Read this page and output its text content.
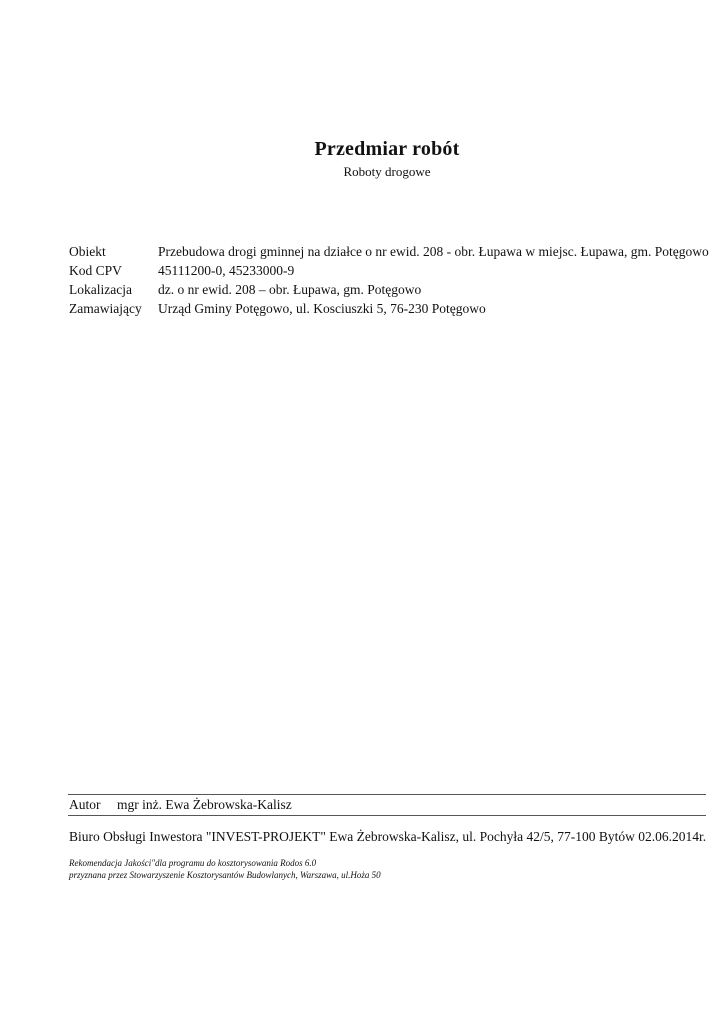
Przedmiar robót
Roboty drogowe
Obiekt	Przebudowa drogi gminnej na działce o nr ewid. 208 - obr. Łupawa w miejsc. Łupawa, gm. Potęgowo
Kod CPV	45111200-0, 45233000-9
Lokalizacja	dz. o nr ewid. 208 – obr. Łupawa, gm. Potęgowo
Zamawiający	Urząd Gminy Potęgowo, ul. Kosciuszki 5, 76-230 Potęgowo
Autor	mgr inż. Ewa Żebrowska-Kalisz
Biuro Obsługi Inwestora "INVEST-PROJEKT" Ewa Żebrowska-Kalisz, ul. Pochyła 42/5, 77-100 Bytów 02.06.2014r.
Rekomendacja Jakości"dla programu do kosztorysowania Rodos 6.0
przyznana przez Stowarzyszenie Kosztorysantów Budowlanych, Warszawa, ul.Hoża 50
